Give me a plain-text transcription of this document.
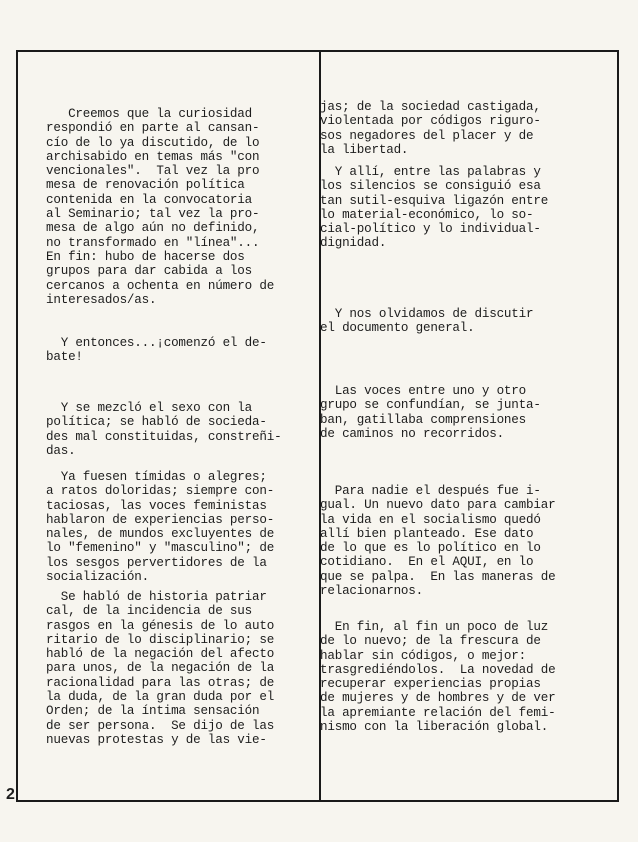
Creemos que la curiosidad
respondió en parte al cansan-
cío de lo ya discutido, de lo
archisabido en temas más "con
vencionales".  Tal vez la pro
mesa de renovación política
contenida en la convocatoria
al Seminario; tal vez la pro-
mesa de algo aún no definido,
no transformado en "línea"...
En fin: hubo de hacerse dos
grupos para dar cabida a los
cercanos a ochenta en número de
interesados/as.

Y entonces...¡comenzó el de-
bate!

Y se mezcló el sexo con la
política; se habló de socieda-
des mal constituidas, constreñi-
das.

Ya fuesen tímidas o alegres;
a ratos doloridas; siempre con-
taciosas, las voces feministas
hablaron de experiencias perso-
nales, de mundos excluyentes de
lo "femenino" y "masculino"; de
los sesgos pervertidores de la
socialización.

Se habló de historia patriar
cal, de la incidencia de sus
rasgos en la génesis de lo auto
ritario de lo disciplinario; se
habló de la negación del afecto
para unos, de la negación de la
racionalidad para las otras; de
la duda, de la gran duda por el
Orden; de la íntima sensación
de ser persona.  Se dijo de las
nuevas protestas y de las vie-

jas; de la sociedad castigada,
violentada por códigos riguro-
sos negadores del placer y de
la libertad.

Y allí, entre las palabras y
los silencios se consiguió esa
tan sutil-esquiva ligazón entre
lo material-económico, lo so-
cial-político y lo individual-
dignidad.

Y nos olvidamos de discutir
el documento general.

Las voces entre uno y otro
grupo se confundían, se junta-
ban, gatillaba comprensiones
de caminos no recorridos.

Para nadie el después fue i-
gual. Un nuevo dato para cambiar
la vida en el socialismo quedó
allí bien planteado. Ese dato
de lo que es lo político en lo
cotidiano.  En el AQUI, en lo
que se palpa.  En las maneras de
relacionarnos.

En fin, al fin un poco de luz
de lo nuevo; de la frescura de
hablar sin códigos, o mejor:
trasgrediéndolos.  La novedad de
recuperar experiencias propias
de mujeres y de hombres y de ver
la apremiante relación del femi-
nismo con la liberación global.

2
